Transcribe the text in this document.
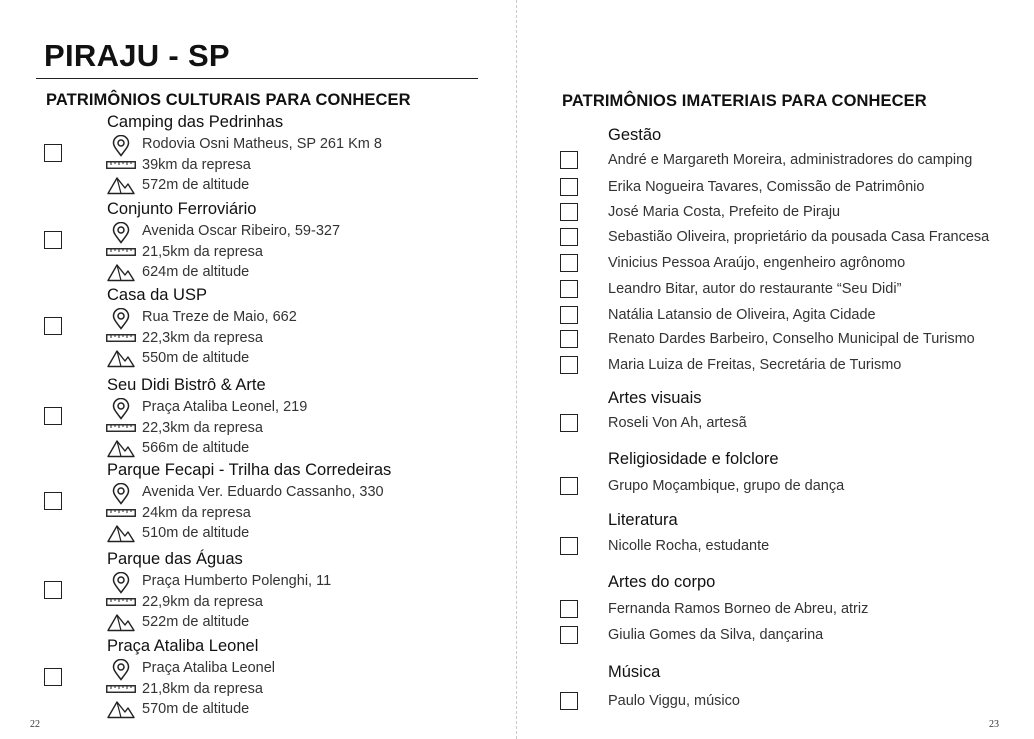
PIRAJU - SP
PATRIMÔNIOS CULTURAIS PARA CONHECER	PATRIMÔNIOS IMATERIAIS PARA CONHECER
Camping das Pedrinhas
Rodovia Osni Matheus, SP 261 Km 8
39km da represa
572m de altitude
Conjunto Ferroviário
Avenida Oscar Ribeiro, 59-327
21,5km da represa
624m de altitude
Casa da USP
Rua Treze de Maio, 662
22,3km da represa
550m de altitude
Seu Didi Bistrô & Arte
Praça Ataliba Leonel, 219
22,3km da represa
566m de altitude
Parque Fecapi - Trilha das Corredeiras
Avenida Ver. Eduardo Cassanho, 330
24km da represa
510m de altitude
Parque das Águas
Praça Humberto Polenghi, 11
22,9km da represa
522m de altitude
Praça Ataliba Leonel
Praça Ataliba Leonel
21,8km da represa
570m de altitude
Gestão
André e Margareth Moreira, administradores do camping
Erika Nogueira Tavares, Comissão de Patrimônio
José Maria Costa, Prefeito de Piraju
Sebastião Oliveira, proprietário da pousada Casa Francesa
Vinicius Pessoa Araújo, engenheiro agrônomo
Leandro Bitar, autor do restaurante “Seu Didi”
Natália Latansio de Oliveira, Agita Cidade
Renato Dardes Barbeiro, Conselho Municipal de Turismo
Maria Luiza de Freitas, Secretária de Turismo
Artes visuais
Roseli Von Ah, artesã
Religiosidade e folclore
Grupo Moçambique, grupo de dança
Literatura
Nicolle Rocha, estudante
Artes do corpo
Fernanda Ramos Borneo de Abreu, atriz
Giulia Gomes da Silva, dançarina
Música
Paulo Viggu, músico
22	23
